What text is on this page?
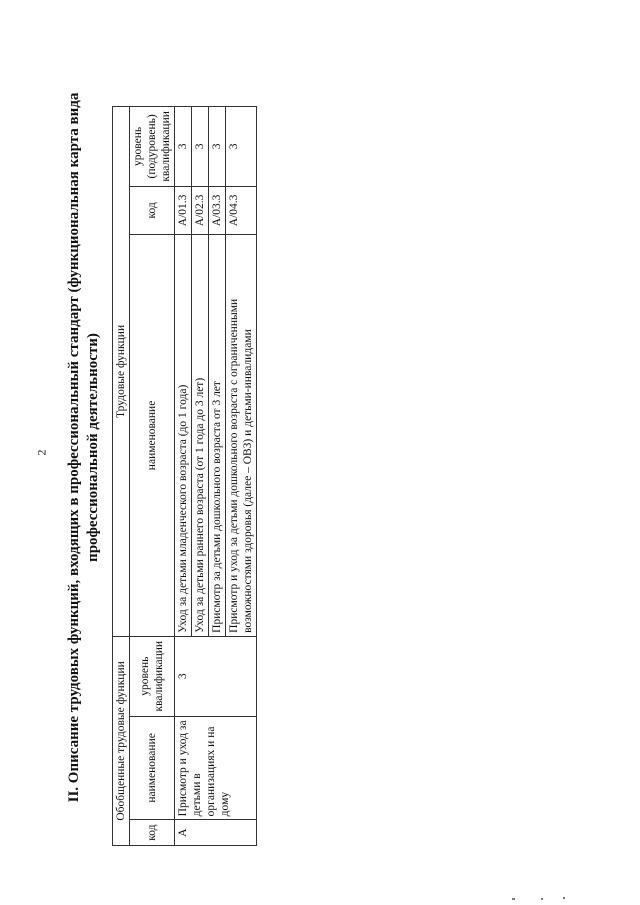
2 II. Описание трудовых функций, входящих в профессиональный стандарт (функциональная карта вида профессиональной деятельности)
Обобщенные трудовые функции			Трудовые функции		
код	наименование	уровень квалификации	наименование	код	уровень (подуровень) квалификации
А	Присмотр и уход за детьми в организациях и на дому	3	Уход за детьми младенческого возраста (до 1 года)	А/01.3	3
			Уход за детьми раннего возраста (от 1 года до 3 лет)	А/02.3	3
			Присмотр за детьми дошкольного возраста от 3 лет	А/03.3	3
			Присмотр и уход за детьми дошкольного возраста с ограниченными возможностями здоровья (далее – ОВЗ) и детьми-инвалидами	А/04.3	3
